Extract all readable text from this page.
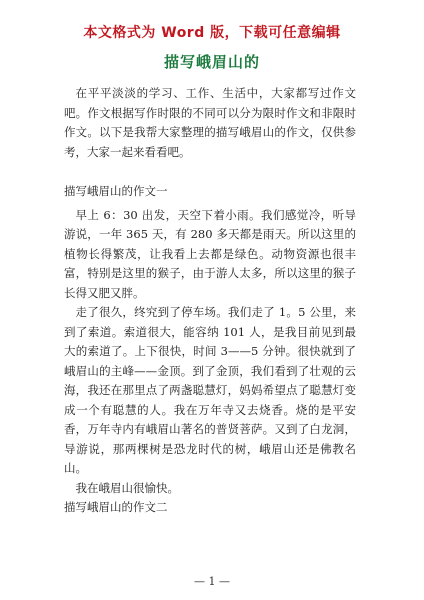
本文格式为 Word 版，下载可任意编辑
描写峨眉山的

在平平淡淡的学习、工作、生活中，大家都写过作文吧。作文根据写作时限的不同可以分为限时作文和非限时作文。以下是我帮大家整理的描写峨眉山的作文，仅供参考，大家一起来看看吧。

描写峨眉山的作文一

早上 6：30 出发，天空下着小雨。我们感觉冷，听导游说，一年 365 天，有 280 多天都是雨天。所以这里的植物长得繁茂，让我看上去都是绿色。动物资源也很丰富，特别是这里的猴子，由于游人太多，所以这里的猴子长得又肥又胖。

走了很久，终究到了停车场。我们走了 1。5 公里，来到了索道。索道很大，能容纳 101 人，是我目前见到最大的索道了。上下很快，时间 3——5 分钟。很快就到了峨眉山的主峰——金顶。到了金顶，我们看到了壮观的云海，我还在那里点了两盏聪慧灯，妈妈希望点了聪慧灯变成一个有聪慧的人。我在万年寺又去烧香。烧的是平安香，万年寺内有峨眉山著名的普贤菩萨。又到了白龙洞，导游说，那两棵树是恐龙时代的树，峨眉山还是佛教名山。

我在峨眉山很愉快。

描写峨眉山的作文二

— 1 —
